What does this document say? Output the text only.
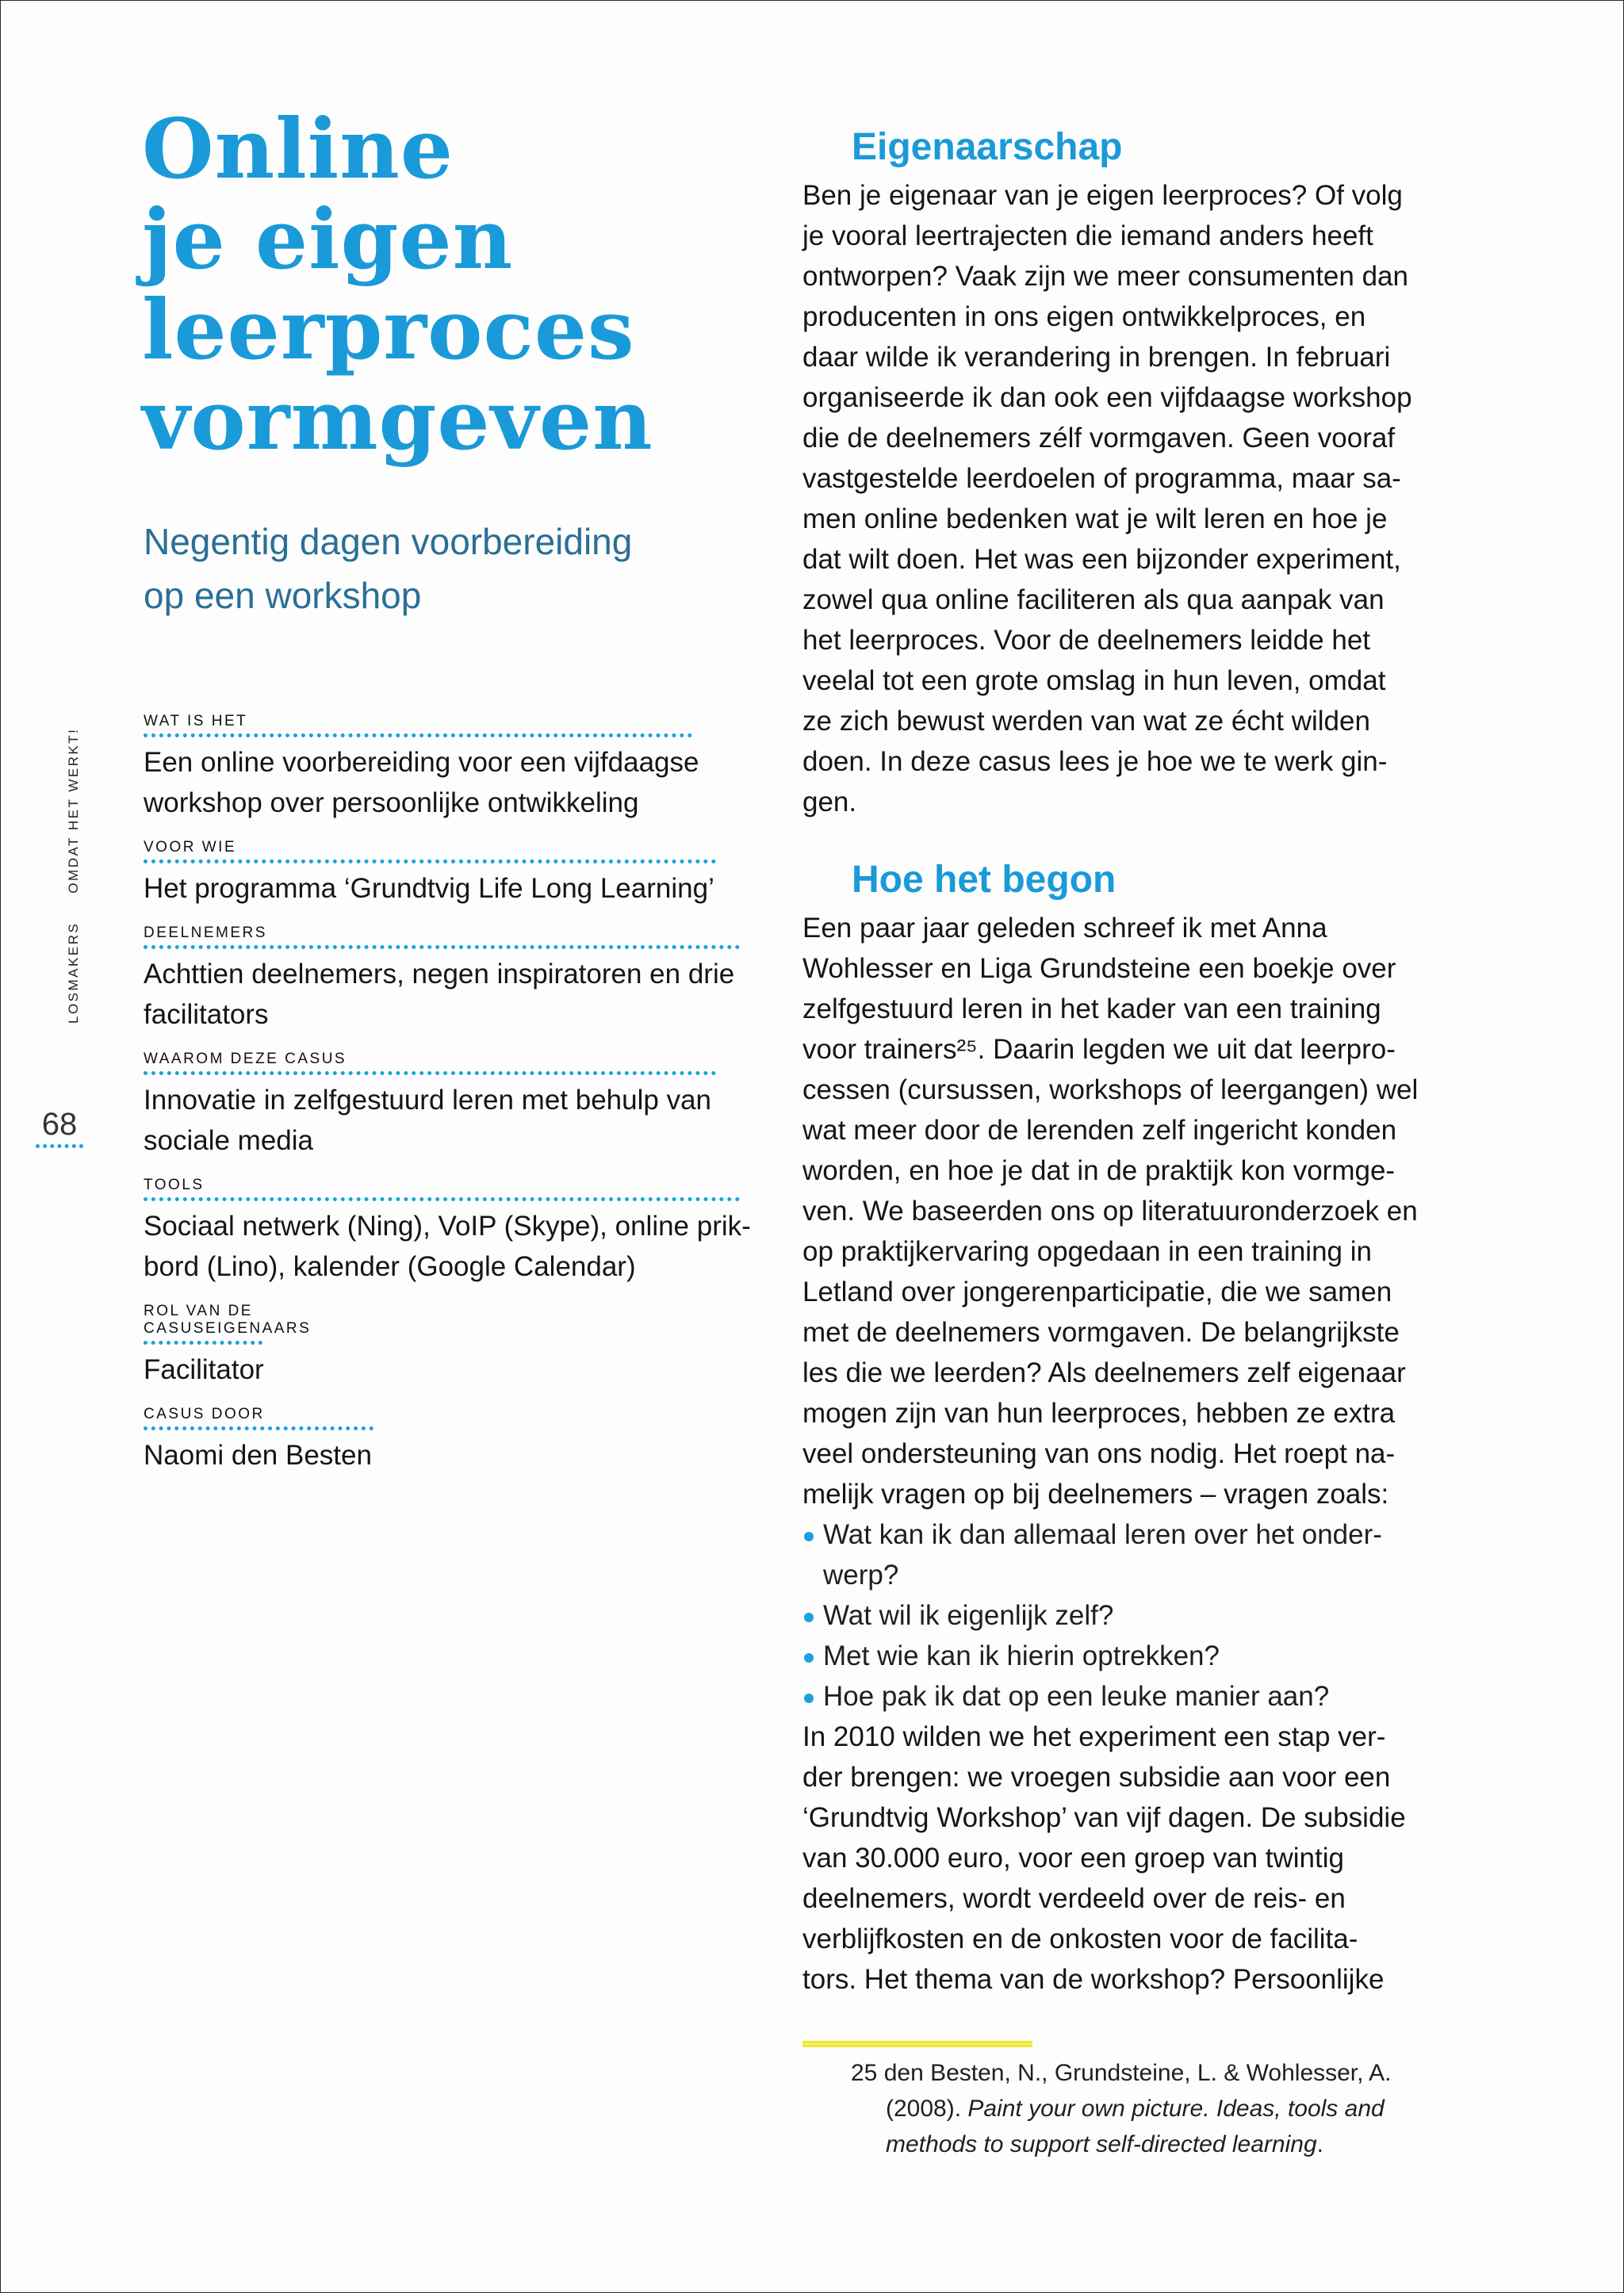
Online
je eigen
leerproces
vormgeven
Negentig dagen voorbereiding
op een workshop
WAT IS HET
Een online voorbereiding voor een vijfdaagse
workshop over persoonlijke ontwikkeling
VOOR WIE
Het programma ‘Grundtvig Life Long Learning’
DEELNEMERS
Achttien deelnemers, negen inspiratoren en drie
facilitators
WAAROM DEZE CASUS
Innovatie in zelfgestuurd leren met behulp van
sociale media
TOOLS
Sociaal netwerk (Ning), VoIP (Skype), online prik-
bord (Lino), kalender (Google Calendar)
ROL VAN DE CASUSEIGENAARS
Facilitator
CASUS DOOR
Naomi den Besten
LOSMAKERSOMDAT HET WERKT!
68
Eigenaarschap
Ben je eigenaar van je eigen leerproces? Of volg
je vooral leertrajecten die iemand anders heeft
ontworpen? Vaak zijn we meer consumenten dan
producenten in ons eigen ontwikkelproces, en
daar wilde ik verandering in brengen. In februari
organiseerde ik dan ook een vijfdaagse workshop
die de deelnemers zélf vormgaven. Geen vooraf
vastgestelde leerdoelen of programma, maar sa-
men online bedenken wat je wilt leren en hoe je
dat wilt doen. Het was een bijzonder experiment,
zowel qua online faciliteren als qua aanpak van
het leerproces. Voor de deelnemers leidde het
veelal tot een grote omslag in hun leven, omdat
ze zich bewust werden van wat ze écht wilden
doen. In deze casus lees je hoe we te werk gin-
gen.
Hoe het begon
Een paar jaar geleden schreef ik met Anna
Wohlesser en Liga Grundsteine een boekje over
zelfgestuurd leren in het kader van een training
voor trainers²⁵. Daarin legden we uit dat leerpro-
cessen (cursussen, workshops of leergangen) wel
wat meer door de lerenden zelf ingericht konden
worden, en hoe je dat in de praktijk kon vormge-
ven. We baseerden ons op literatuuronderzoek en
op praktijkervaring opgedaan in een training in
Letland over jongerenparticipatie, die we samen
met de deelnemers vormgaven. De belangrijkste
les die we leerden? Als deelnemers zelf eigenaar
mogen zijn van hun leerproces, hebben ze extra
veel ondersteuning van ons nodig. Het roept na-
melijk vragen op bij deelnemers – vragen zoals:
Wat kan ik dan allemaal leren over het onder-
werp?
Wat wil ik eigenlijk zelf?
Met wie kan ik hierin optrekken?
Hoe pak ik dat op een leuke manier aan?
In 2010 wilden we het experiment een stap ver-
der brengen: we vroegen subsidie aan voor een
‘Grundtvig Workshop’ van vijf dagen. De subsidie
van 30.000 euro, voor een groep van twintig
deelnemers, wordt verdeeld over de reis- en
verblijfkosten en de onkosten voor de facilita-
tors. Het thema van de workshop? Persoonlijke
25 den Besten, N., Grundsteine, L. & Wohlesser, A.
(2008). Paint your own picture. Ideas, tools and
methods to support self-directed learning.
